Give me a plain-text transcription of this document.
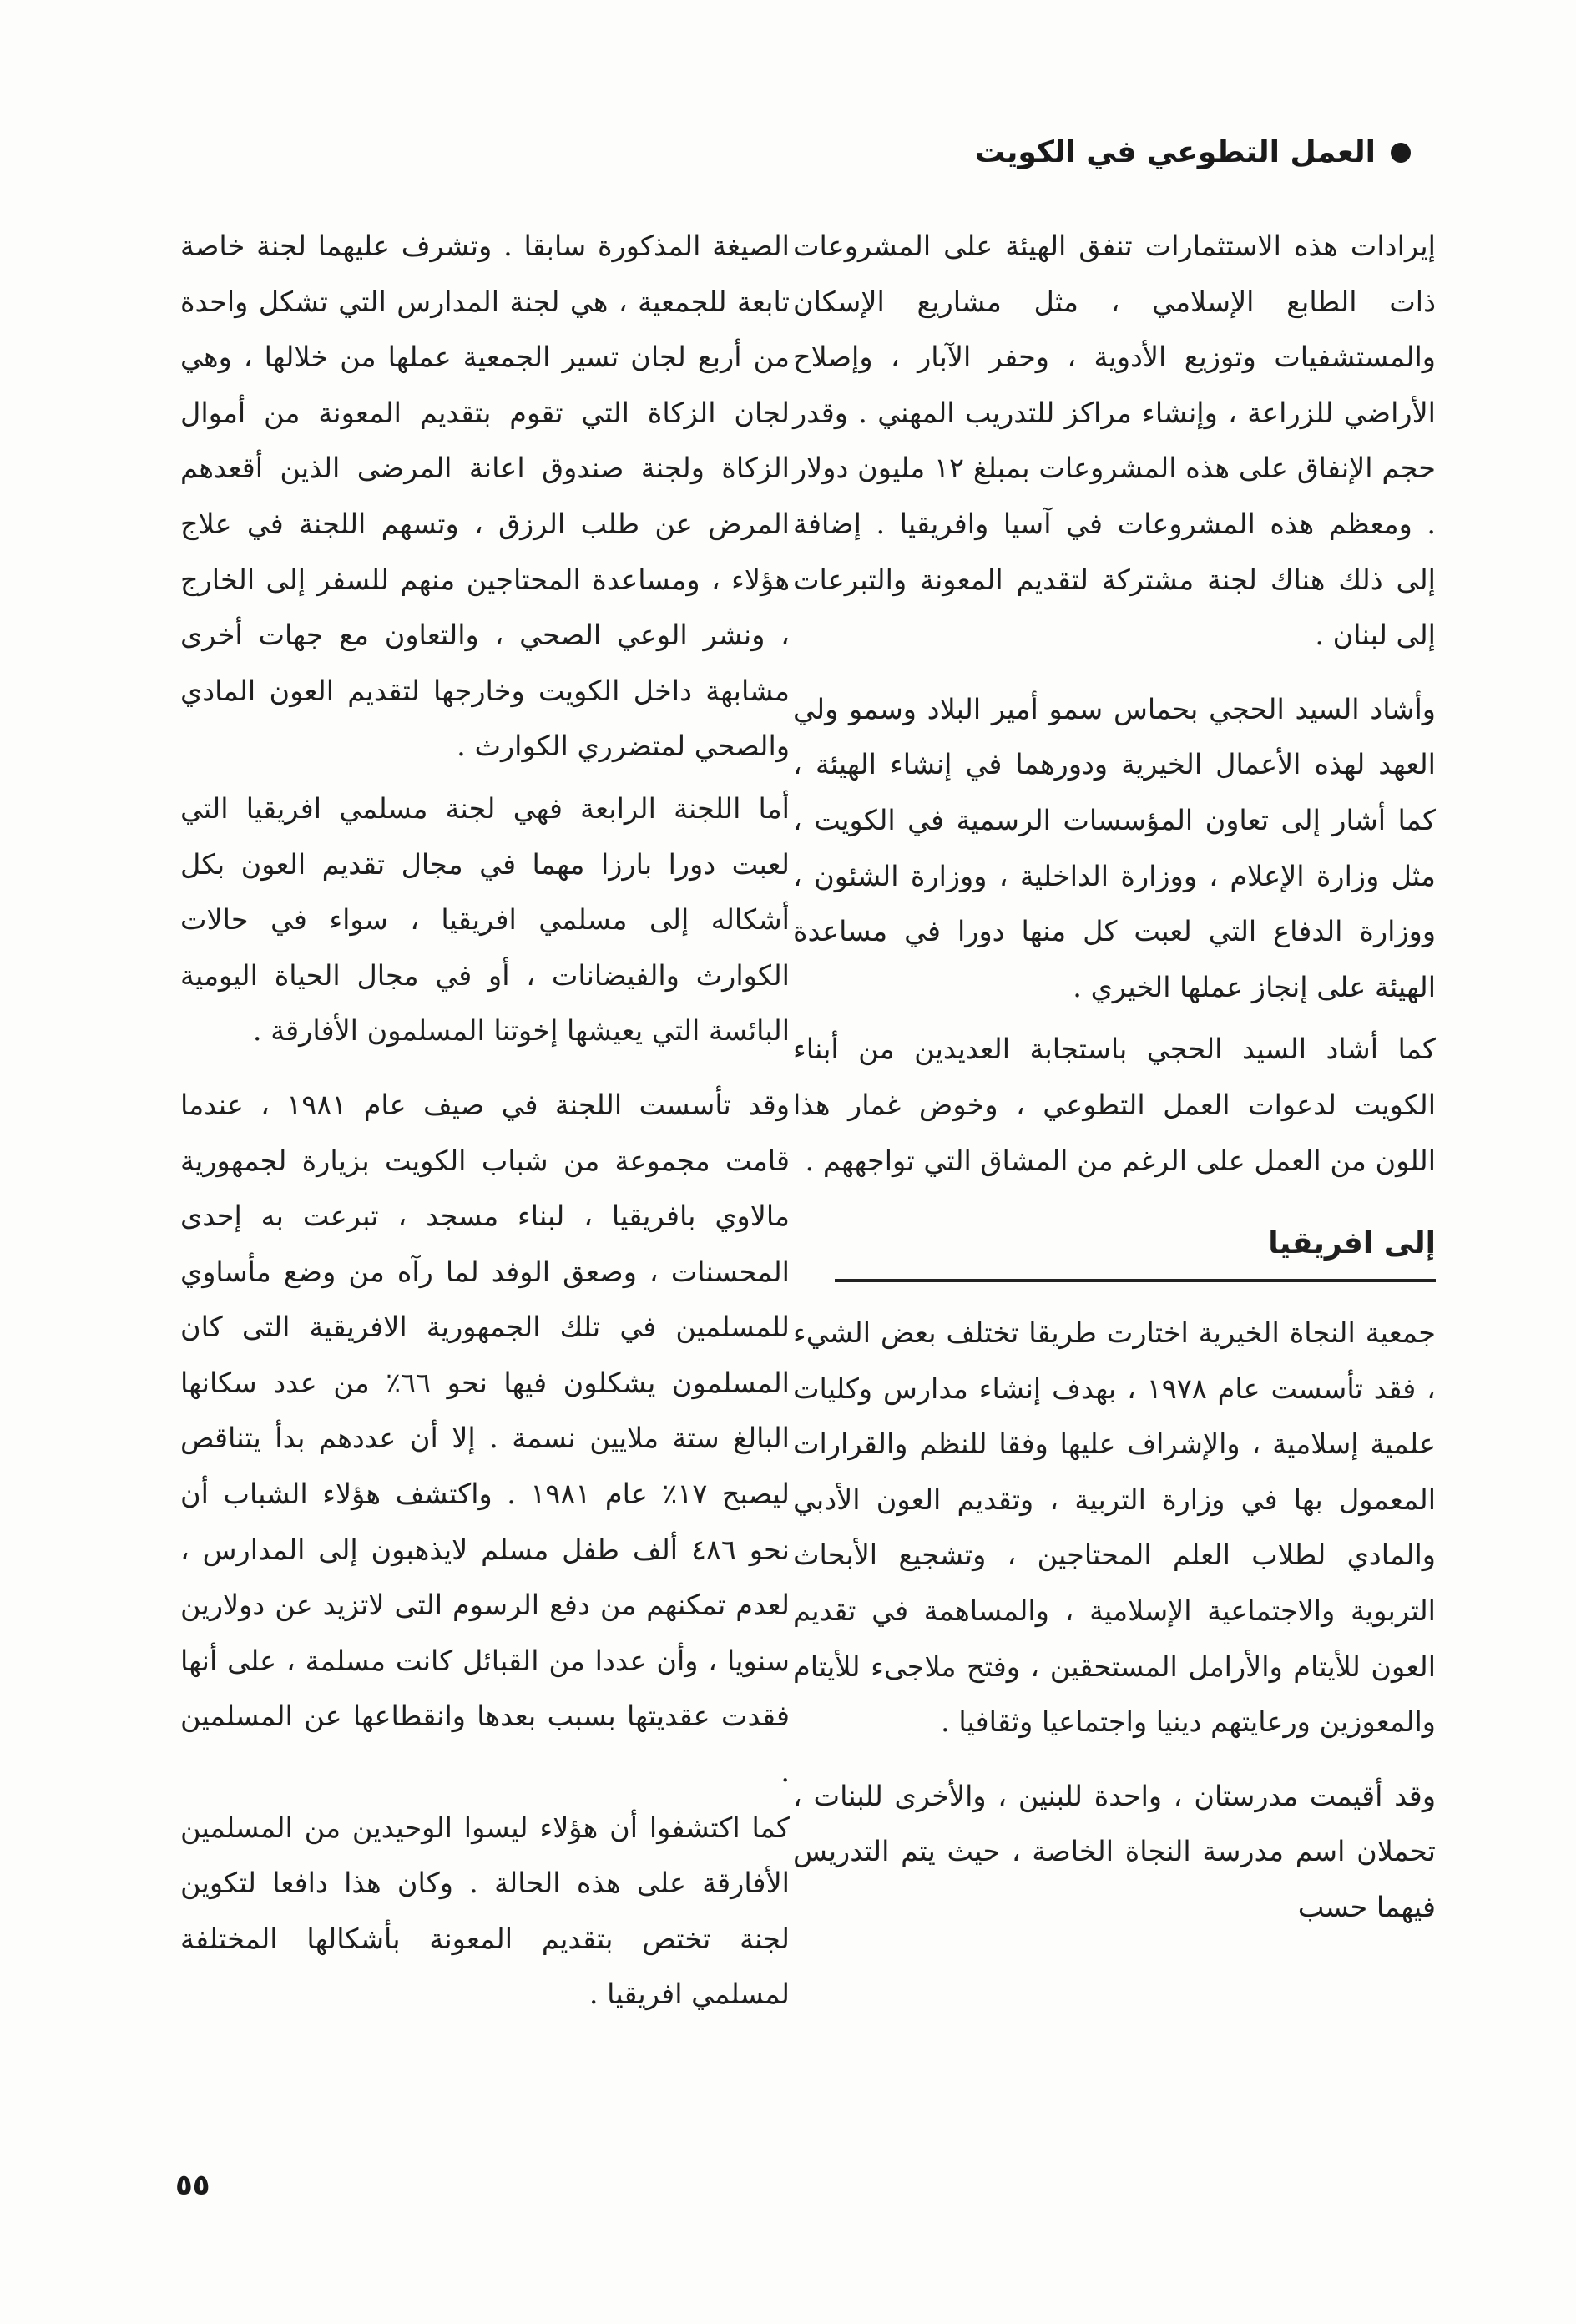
العمل التطوعي في الكويت

إيرادات هذه الاستثمارات تنفق الهيئة على المشروعات ذات الطابع الإسلامي ، مثل مشاريع الإسكان والمستشفيات وتوزيع الأدوية ، وحفر الآبار ، وإصلاح الأراضي للزراعة ، وإنشاء مراكز للتدريب المهني . وقدر حجم الإنفاق على هذه المشروعات بمبلغ ١٢ مليون دولار . ومعظم هذه المشروعات في آسيا وافريقيا . إضافة إلى ذلك هناك لجنة مشتركة لتقديم المعونة والتبرعات إلى لبنان .

وأشاد السيد الحجي بحماس سمو أمير البلاد وسمو ولي العهد لهذه الأعمال الخيرية ودورهما في إنشاء الهيئة ، كما أشار إلى تعاون المؤسسات الرسمية في الكويت ، مثل وزارة الإعلام ، ووزارة الداخلية ، ووزارة الشئون ، ووزارة الدفاع التي لعبت كل منها دورا في مساعدة الهيئة على إنجاز عملها الخيري .

كما أشاد السيد الحجي باستجابة العديدين من أبناء الكويت لدعوات العمل التطوعي ، وخوض غمار هذا اللون من العمل على الرغم من المشاق التي تواجههم .

إلى افريقيا

جمعية النجاة الخيرية اختارت طريقا تختلف بعض الشيء ، فقد تأسست عام ١٩٧٨ ، بهدف إنشاء مدارس وكليات علمية إسلامية ، والإشراف عليها وفقا للنظم والقرارات المعمول بها في وزارة التربية ، وتقديم العون الأدبي والمادي لطلاب العلم المحتاجين ، وتشجيع الأبحاث التربوية والاجتماعية الإسلامية ، والمساهمة في تقديم العون للأيتام والأرامل المستحقين ، وفتح ملاجىء للأيتام والمعوزين ورعايتهم دينيا واجتماعيا وثقافيا .

وقد أقيمت مدرستان ، واحدة للبنين ، والأخرى للبنات ، تحملان اسم مدرسة النجاة الخاصة ، حيث يتم التدريس فيهما حسب

الصيغة المذكورة سابقا . وتشرف عليهما لجنة خاصة تابعة للجمعية ، هي لجنة المدارس التي تشكل واحدة من أربع لجان تسير الجمعية عملها من خلالها ، وهي لجان الزكاة التي تقوم بتقديم المعونة من أموال الزكاة ولجنة صندوق اعانة المرضى الذين أقعدهم المرض عن طلب الرزق ، وتسهم اللجنة في علاج هؤلاء ، ومساعدة المحتاجين منهم للسفر إلى الخارج ، ونشر الوعي الصحي ، والتعاون مع جهات أخرى مشابهة داخل الكويت وخارجها لتقديم العون المادي والصحي لمتضرري الكوارث .

أما اللجنة الرابعة فهي لجنة مسلمي افريقيا التي لعبت دورا بارزا مهما في مجال تقديم العون بكل أشكاله إلى مسلمي افريقيا ، سواء في حالات الكوارث والفيضانات ، أو في مجال الحياة اليومية البائسة التي يعيشها إخوتنا المسلمون الأفارقة .

وقد تأسست اللجنة في صيف عام ١٩٨١ ، عندما قامت مجموعة من شباب الكويت بزيارة لجمهورية مالاوي بافريقيا ، لبناء مسجد ، تبرعت به إحدى المحسنات ، وصعق الوفد لما رآه من وضع مأساوي للمسلمين في تلك الجمهورية الافريقية التى كان المسلمون يشكلون فيها نحو ٦٦٪ من عدد سكانها البالغ ستة ملايين نسمة . إلا أن عددهم بدأ يتناقص ليصبح ١٧٪ عام ١٩٨١ . واكتشف هؤلاء الشباب أن نحو ٤٨٦ ألف طفل مسلم لايذهبون إلى المدارس ، لعدم تمكنهم من دفع الرسوم التى لاتزيد عن دولارين سنويا ، وأن عددا من القبائل كانت مسلمة ، على أنها فقدت عقديتها بسبب بعدها وانقطاعها عن المسلمين .

كما اكتشفوا أن هؤلاء ليسوا الوحيدين من المسلمين الأفارقة على هذه الحالة . وكان هذا دافعا لتكوين لجنة تختص بتقديم المعونة بأشكالها المختلفة لمسلمي افريقيا .

٥٥
